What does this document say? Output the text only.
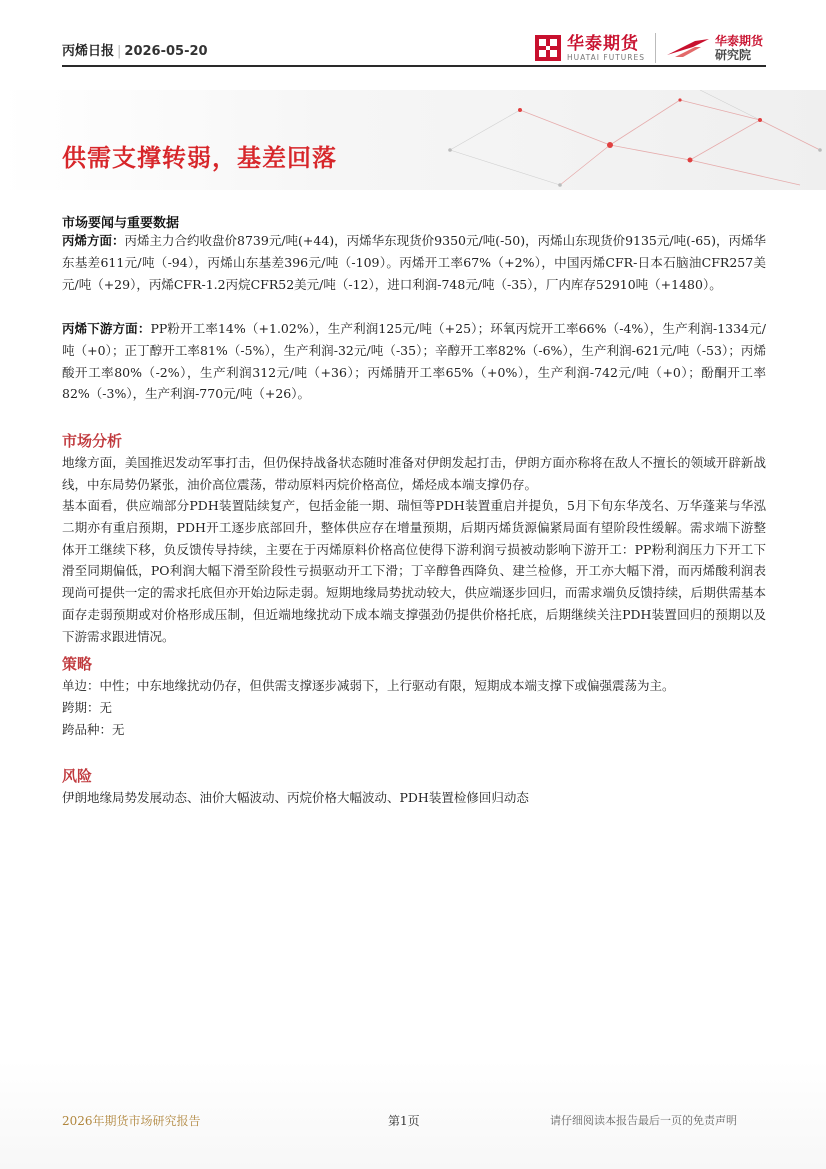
丙烯日报 | 2026-05-20	华泰期货
HUATAI FUTURES
华泰期货
研究院
供需支撑转弱，基差回落
市场要闻与重要数据
丙烯方面：丙烯主力合约收盘价8739元/吨(+44)，丙烯华东现货价9350元/吨(-50)，丙烯山东现货价9135元/吨(-65)，丙烯华东基差611元/吨（-94），丙烯山东基差396元/吨（-109）。丙烯开工率67%（+2%），中国丙烯CFR-日本石脑油CFR257美元/吨（+29），丙烯CFR-1.2丙烷CFR52美元/吨（-12），进口利润-748元/吨（-35），厂内库存52910吨（+1480）。
丙烯下游方面：PP粉开工率14%（+1.02%），生产利润125元/吨（+25）；环氧丙烷开工率66%（-4%），生产利润-1334元/吨（+0）；正丁醇开工率81%（-5%），生产利润-32元/吨（-35）；辛醇开工率82%（-6%），生产利润-621元/吨（-53）；丙烯酸开工率80%（-2%），生产利润312元/吨（+36）；丙烯腈开工率65%（+0%），生产利润-742元/吨（+0）；酚酮开工率82%（-3%），生产利润-770元/吨（+26）。
市场分析
地缘方面，美国推迟发动军事打击，但仍保持战备状态随时准备对伊朗发起打击，伊朗方面亦称将在敌人不擅长的领域开辟新战线，中东局势仍紧张，油价高位震荡，带动原料丙烷价格高位，烯烃成本端支撑仍存。
基本面看，供应端部分PDH装置陆续复产，包括金能一期、瑞恒等PDH装置重启并提负，5月下旬东华茂名、万华蓬莱与华泓二期亦有重启预期，PDH开工逐步底部回升，整体供应存在增量预期，后期丙烯货源偏紧局面有望阶段性缓解。需求端下游整体开工继续下移，负反馈传导持续，主要在于丙烯原料价格高位使得下游利润亏损被动影响下游开工：PP粉利润压力下开工下滑至同期偏低，PO利润大幅下滑至阶段性亏损驱动开工下滑；丁辛醇鲁西降负、建兰检修，开工亦大幅下滑，而丙烯酸利润表现尚可提供一定的需求托底但亦开始边际走弱。短期地缘局势扰动较大，供应端逐步回归，而需求端负反馈持续，后期供需基本面存走弱预期或对价格形成压制，但近端地缘扰动下成本端支撑强劲仍提供价格托底，后期继续关注PDH装置回归的预期以及下游需求跟进情况。
策略
单边：中性；中东地缘扰动仍存，但供需支撑逐步减弱下，上行驱动有限，短期成本端支撑下或偏强震荡为主。
跨期：无
跨品种：无
风险
伊朗地缘局势发展动态、油价大幅波动、丙烷价格大幅波动、PDH装置检修回归动态
2026年期货市场研究报告	第1页	请仔细阅读本报告最后一页的免责声明
